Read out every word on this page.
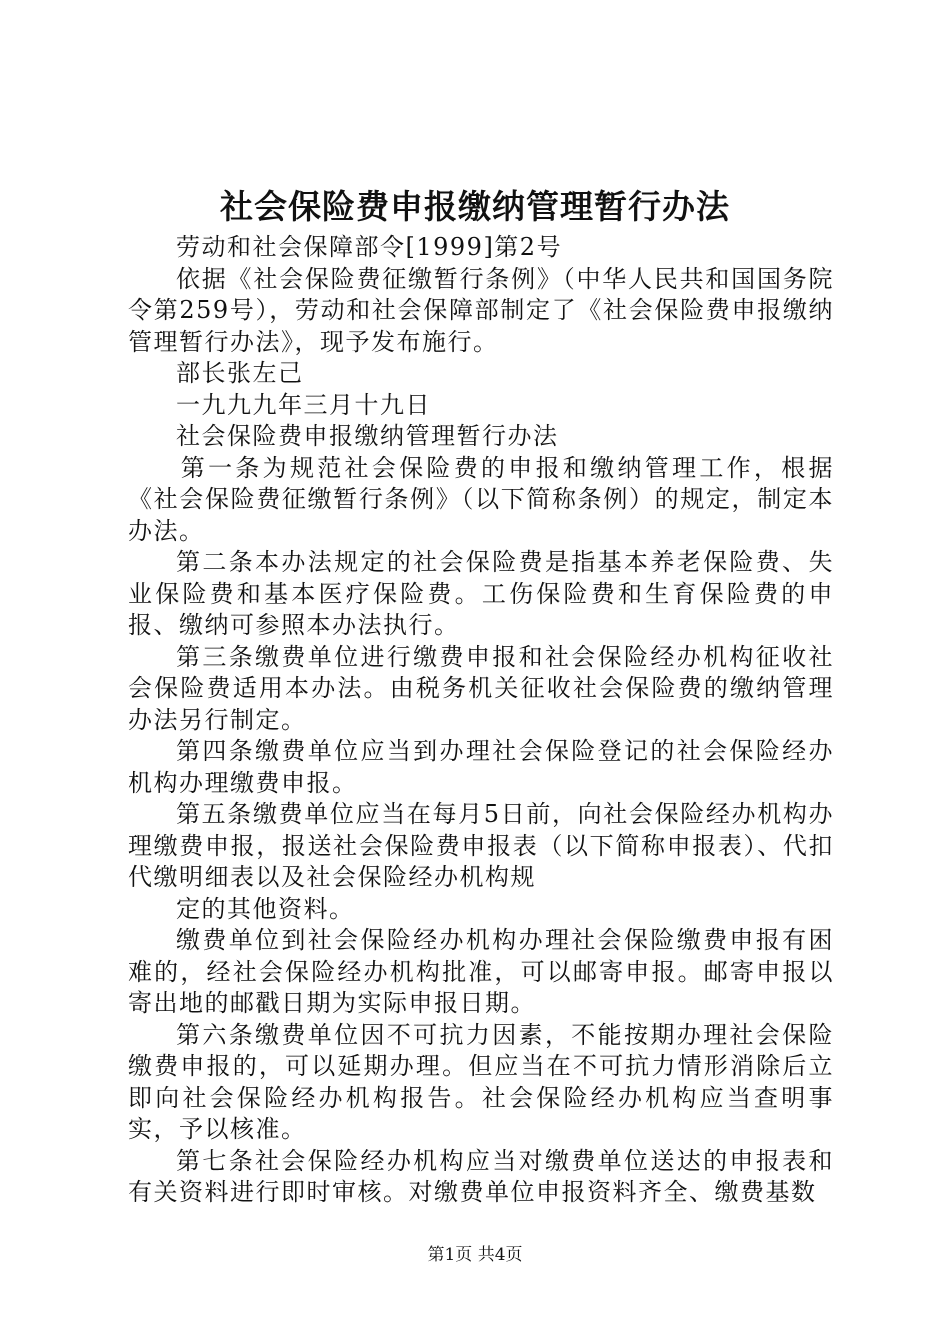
社会保险费申报缴纳管理暂行办法

劳动和社会保障部令[1999]第2号

依据《社会保险费征缴暂行条例》（中华人民共和国国务院令第259号），劳动和社会保障部制定了《社会保险费申报缴纳管理暂行办法》，现予发布施行。

部长张左己

一九九九年三月十九日

社会保险费申报缴纳管理暂行办法

第一条为规范社会保险费的申报和缴纳管理工作，根据《社会保险费征缴暂行条例》（以下简称条例）的规定，制定本办法。

第二条本办法规定的社会保险费是指基本养老保险费、失业保险费和基本医疗保险费。工伤保险费和生育保险费的申报、缴纳可参照本办法执行。

第三条缴费单位进行缴费申报和社会保险经办机构征收社会保险费适用本办法。由税务机关征收社会保险费的缴纳管理办法另行制定。

第四条缴费单位应当到办理社会保险登记的社会保险经办机构办理缴费申报。

第五条缴费单位应当在每月5日前，向社会保险经办机构办理缴费申报，报送社会保险费申报表（以下简称申报表）、代扣代缴明细表以及社会保险经办机构规

定的其他资料。

缴费单位到社会保险经办机构办理社会保险缴费申报有困难的，经社会保险经办机构批准，可以邮寄申报。邮寄申报以寄出地的邮戳日期为实际申报日期。

第六条缴费单位因不可抗力因素，不能按期办理社会保险缴费申报的，可以延期办理。但应当在不可抗力情形消除后立即向社会保险经办机构报告。社会保险经办机构应当查明事实，予以核准。

第七条社会保险经办机构应当对缴费单位送达的申报表和有关资料进行即时审核。对缴费单位申报资料齐全、缴费基数

第1页 共4页
